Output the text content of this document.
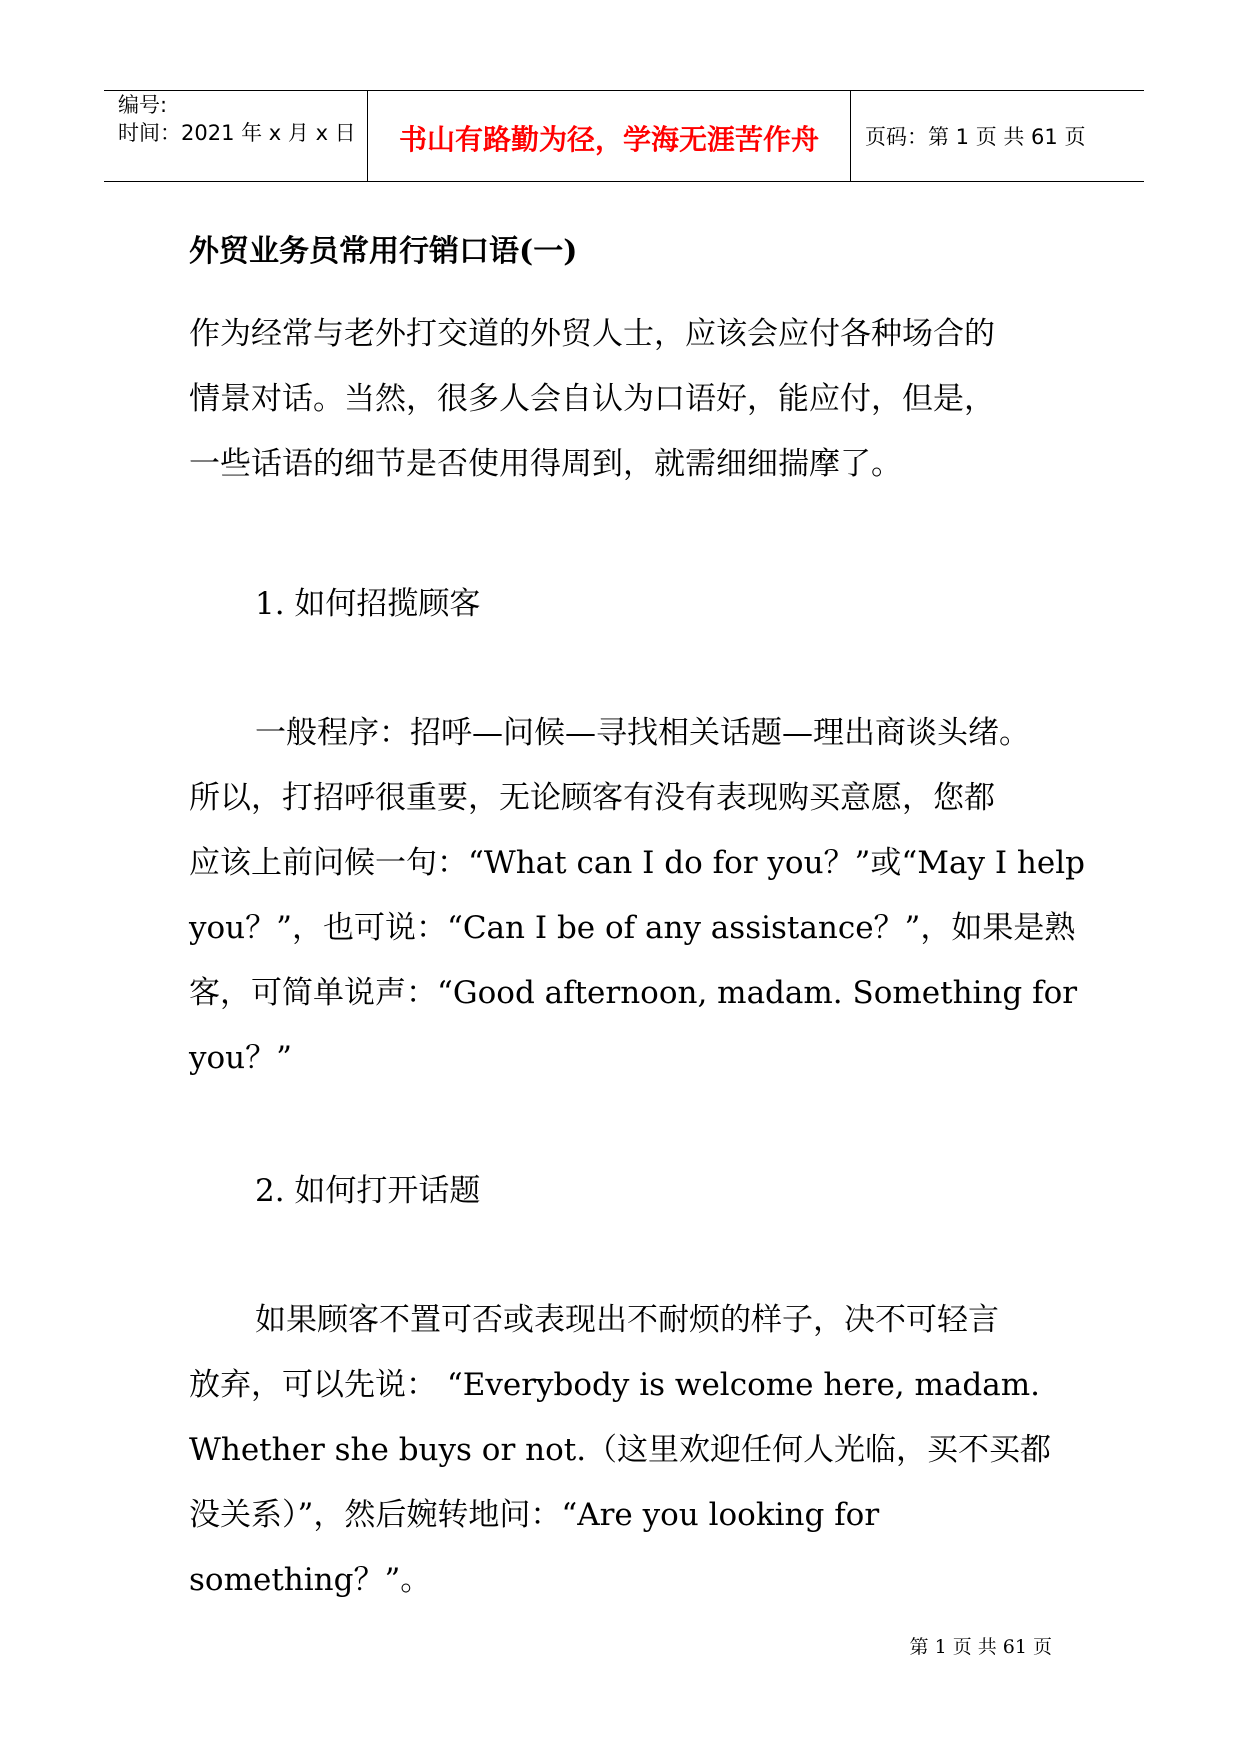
编号:
时间：2021 年 x 月 x 日 书山有路勤为径，学海无涯苦作舟 页码：第 1 页 共 61 页
外贸业务员常用行销口语(一)
作为经常与老外打交道的外贸人士，应该会应付各种场合的
情景对话。当然，很多人会自认为口语好，能应付，但是，
一些话语的细节是否使用得周到，就需细细揣摩了。
1. 如何招揽顾客
一般程序：招呼—问候—寻找相关话题—理出商谈头绪。
所以，打招呼很重要，无论顾客有没有表现购买意愿，您都
应该上前问候一句：“What can I do for you？”或“May I help
you？”，也可说：“Can I be of any assistance？”，如果是熟
客，可简单说声：“Good afternoon, madam. Something for
you？”
2. 如何打开话题
如果顾客不置可否或表现出不耐烦的样子，决不可轻言
放弃，可以先说： “Everybody is welcome here, madam.
Whether she buys or not.（这里欢迎任何人光临，买不买都
没关系）”，然后婉转地问：“Are you looking for
something？”。
第 1 页 共 61 页
